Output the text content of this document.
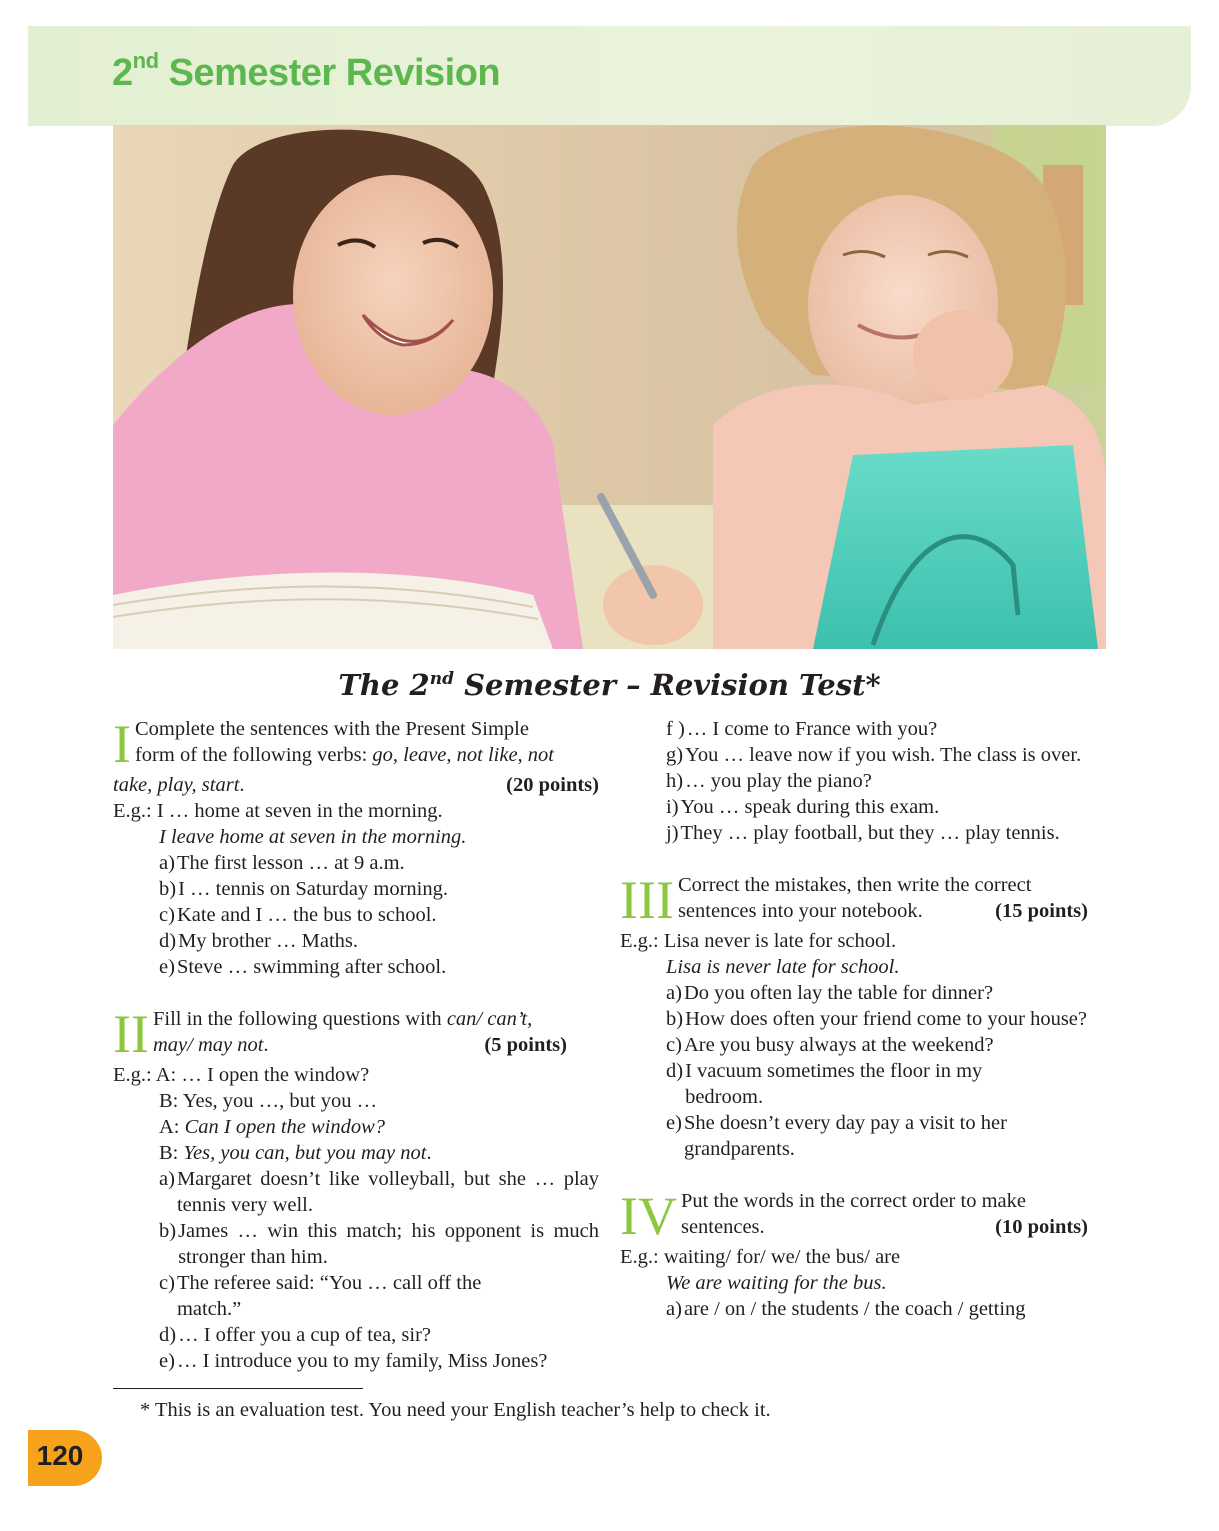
2nd Semester Revision
The 2nd Semester – Revision Test*
I Complete the sentences with the Present Simple
form of the following verbs: go, leave, not like, not
take, play, start.	(20 points)
E.g.: I … home at seven in the morning.
I leave home at seven in the morning.
a) The first lesson … at 9 a.m.
b) I … tennis on Saturday morning.
c) Kate and I … the bus to school.
d) My brother … Maths.
e) Steve … swimming after school.
II Fill in the following questions with can/ can’t,
may/ may not.	(5 points)
E.g.: A: … I open the window?
B: Yes, you …, but you …
A: Can I open the window?
B: Yes, you can, but you may not.
a) Margaret doesn’t like volleyball, but she … play tennis very well.
b) James … win this match; his opponent is much stronger than him.
c) The referee said: “You … call off the match.”
d) … I offer you a cup of tea, sir?
e) … I introduce you to my family, Miss Jones?
f ) … I come to France with you?
g) You … leave now if you wish. The class is over.
h) … you play the piano?
i) You … speak during this exam.
j) They … play football, but they … play tennis.
III Correct the mistakes, then write the correct
sentences into your notebook.	(15 points)
E.g.: Lisa never is late for school.
Lisa is never late for school.
a) Do you often lay the table for dinner?
b) How does often your friend come to your house?
c) Are you busy always at the weekend?
d) I vacuum sometimes the floor in my bedroom.
e) She doesn’t every day pay a visit to her grandparents.
IV Put the words in the correct order to make
sentences.	(10 points)
E.g.: waiting/ for/ we/ the bus/ are
We are waiting for the bus.
a) are / on / the students / the coach / getting
* This is an evaluation test. You need your English teacher’s help to check it.
120
